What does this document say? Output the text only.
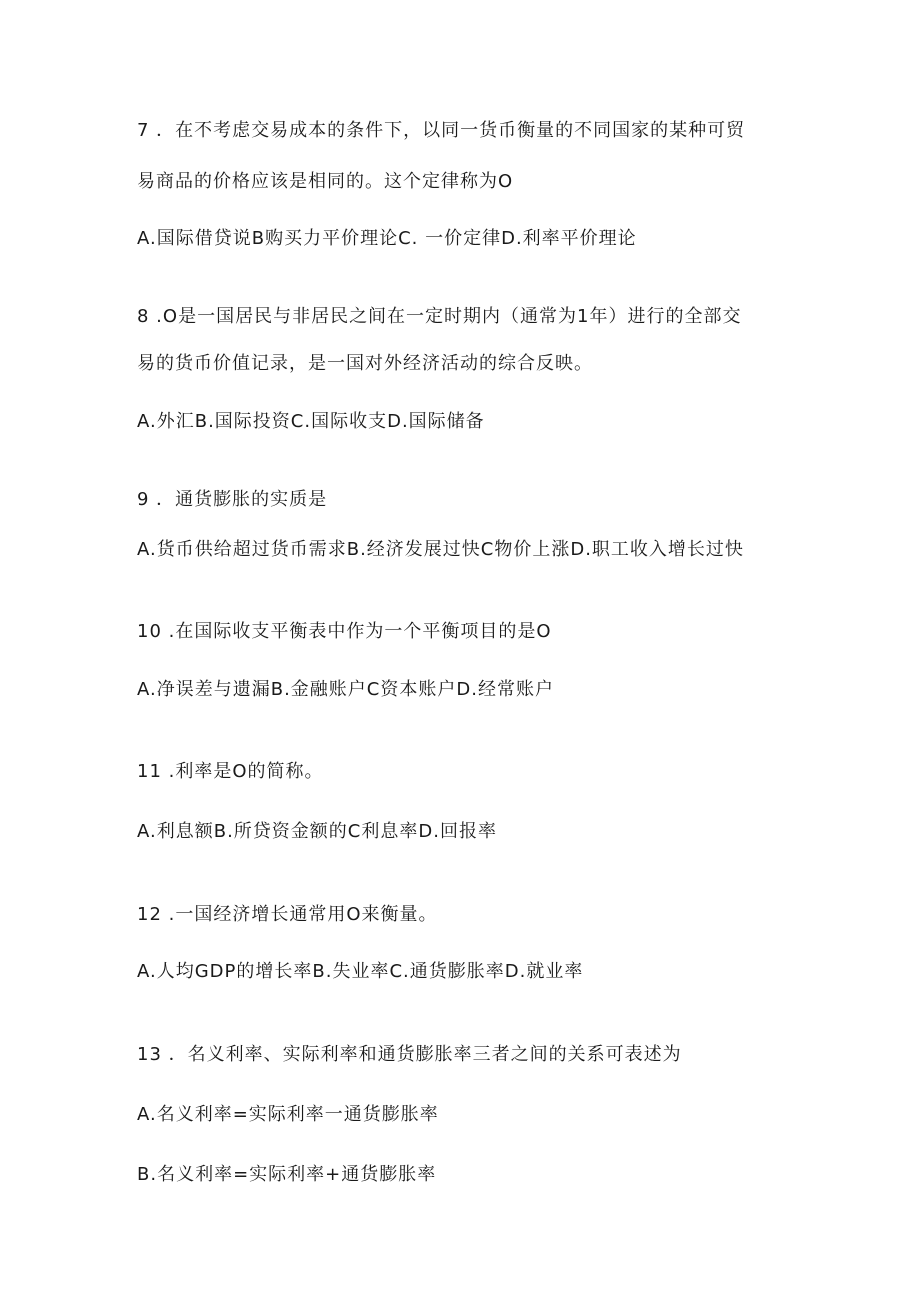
7 ．在不考虑交易成本的条件下，以同一货币衡量的不同国家的某种可贸
易商品的价格应该是相同的。这个定律称为O
A.国际借贷说B购买力平价理论C. 一价定律D.利率平价理论
8 .O是一国居民与非居民之间在一定时期内（通常为1年）进行的全部交
易的货币价值记录，是一国对外经济活动的综合反映。
A.外汇B.国际投资C.国际收支D.国际储备
9 ．通货膨胀的实质是
A.货币供给超过货币需求B.经济发展过快C物价上涨D.职工收入增长过快
10 .在国际收支平衡表中作为一个平衡项目的是O
A.净误差与遗漏B.金融账户C资本账户D.经常账户
11 .利率是O的简称。
A.利息额B.所贷资金额的C利息率D.回报率
12 .一国经济增长通常用O来衡量。
A.人均GDP的增长率B.失业率C.通货膨胀率D.就业率
13 ．名义利率、实际利率和通货膨胀率三者之间的关系可表述为
A.名义利率=实际利率一通货膨胀率
B.名义利率=实际利率+通货膨胀率
